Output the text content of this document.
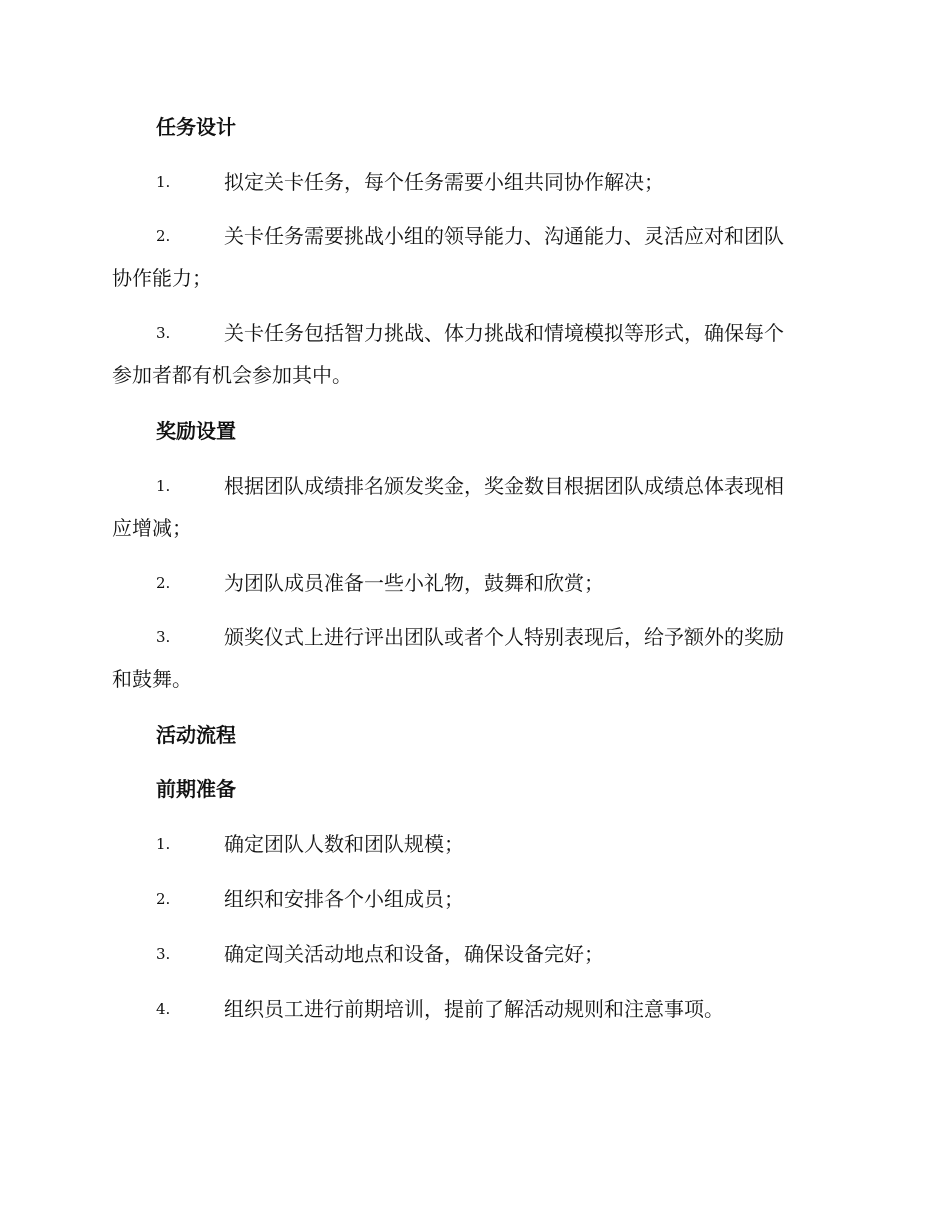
任务设计
1.	拟定关卡任务，每个任务需要小组共同协作解决；
2.	关卡任务需要挑战小组的领导能力、沟通能力、灵活应对和团队
协作能力；
3.	关卡任务包括智力挑战、体力挑战和情境模拟等形式，确保每个
参加者都有机会参加其中。
奖励设置
1.	根据团队成绩排名颁发奖金，奖金数目根据团队成绩总体表现相
应增减；
2.	为团队成员准备一些小礼物，鼓舞和欣赏；
3.	颁奖仪式上进行评出团队或者个人特别表现后，给予额外的奖励
和鼓舞。
活动流程
前期准备
1.	确定团队人数和团队规模；
2.	组织和安排各个小组成员；
3.	确定闯关活动地点和设备，确保设备完好；
4.	组织员工进行前期培训，提前了解活动规则和注意事项。
